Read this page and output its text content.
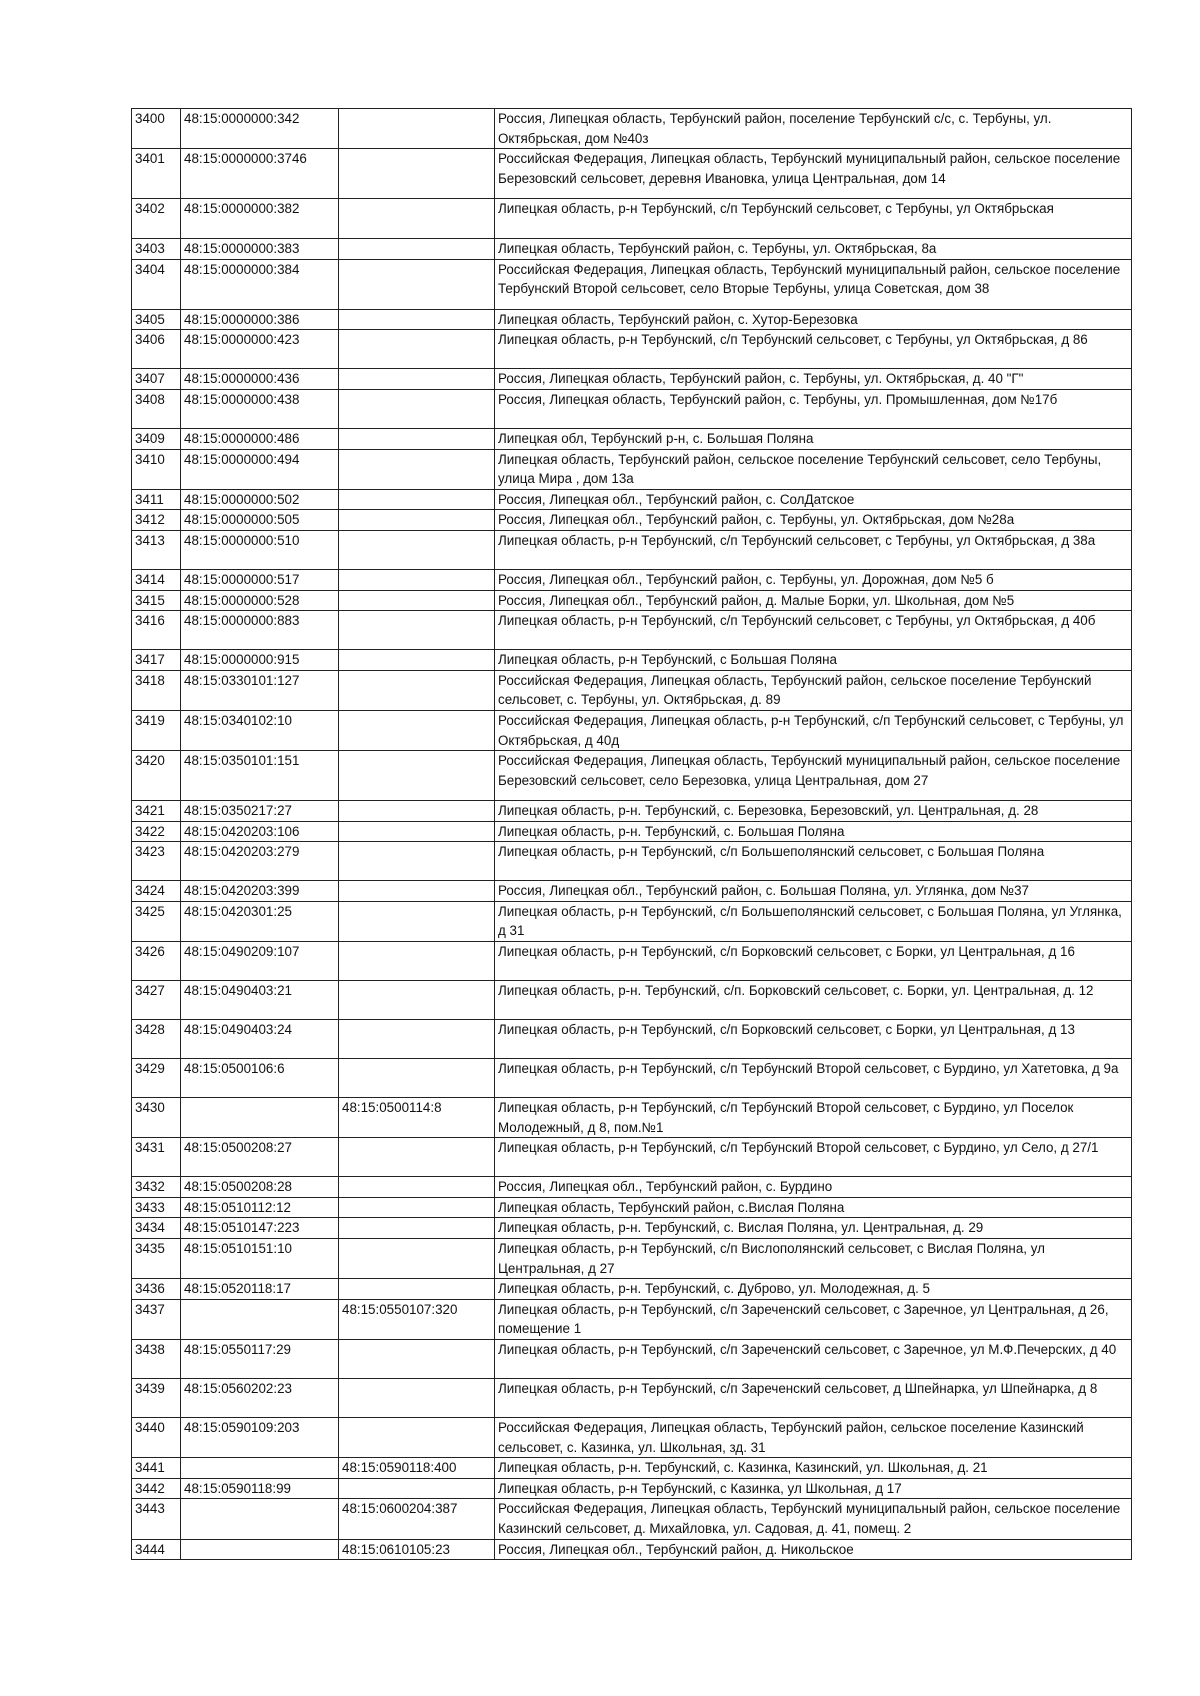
3400	48:15:0000000:342		Россия, Липецкая область, Тербунский район, поселение Тербунский с/с, с. Тербуны, ул. Октябрьская, дом №40з
3401	48:15:0000000:3746		Российская Федерация, Липецкая область, Тербунский муниципальный район, сельское поселение Березовский сельсовет, деревня Ивановка, улица Центральная, дом 14
3402	48:15:0000000:382		Липецкая область, р-н Тербунский, с/п Тербунский сельсовет, с Тербуны, ул Октябрьская
3403	48:15:0000000:383		Липецкая область, Тербунский район, с. Тербуны, ул. Октябрьская, 8а
3404	48:15:0000000:384		Российская Федерация, Липецкая область, Тербунский муниципальный район, сельское поселение Тербунский Второй сельсовет, село Вторые Тербуны, улица Советская, дом 38
3405	48:15:0000000:386		Липецкая область, Тербунский район, с. Хутор-Березовка
3406	48:15:0000000:423		Липецкая область, р-н Тербунский, с/п Тербунский сельсовет, с Тербуны, ул Октябрьская, д 86
3407	48:15:0000000:436		Россия, Липецкая область, Тербунский район, с. Тербуны, ул. Октябрьская, д. 40 "Г"
3408	48:15:0000000:438		Россия, Липецкая область, Тербунский район, с. Тербуны, ул. Промышленная, дом №17б
3409	48:15:0000000:486		Липецкая обл, Тербунский р-н, с. Большая Поляна
3410	48:15:0000000:494		Липецкая область, Тербунский район, сельское поселение Тербунский сельсовет, село Тербуны, улица Мира , дом 13а
3411	48:15:0000000:502		Россия, Липецкая обл., Тербунский район, с. СолДатское
3412	48:15:0000000:505		Россия, Липецкая обл., Тербунский район, с. Тербуны, ул. Октябрьская, дом №28а
3413	48:15:0000000:510		Липецкая область, р-н Тербунский, с/п Тербунский сельсовет, с Тербуны, ул Октябрьская, д 38а
3414	48:15:0000000:517		Россия, Липецкая обл., Тербунский район, с. Тербуны, ул. Дорожная, дом №5 б
3415	48:15:0000000:528		Россия, Липецкая обл., Тербунский район, д. Малые Борки, ул. Школьная, дом №5
3416	48:15:0000000:883		Липецкая область, р-н Тербунский, с/п Тербунский сельсовет, с Тербуны, ул Октябрьская, д 40б
3417	48:15:0000000:915		Липецкая область, р-н Тербунский, с Большая Поляна
3418	48:15:0330101:127		Российская Федерация, Липецкая область, Тербунский район, сельское поселение Тербунский сельсовет, с. Тербуны, ул. Октябрьская, д. 89
3419	48:15:0340102:10		Российская Федерация, Липецкая область, р-н Тербунский, с/п Тербунский сельсовет, с Тербуны, ул Октябрьская, д 40д
3420	48:15:0350101:151		Российская Федерация, Липецкая область, Тербунский муниципальный район, сельское поселение Березовский сельсовет, село Березовка, улица Центральная, дом 27
3421	48:15:0350217:27		Липецкая область, р-н. Тербунский, с. Березовка, Березовский, ул. Центральная, д. 28
3422	48:15:0420203:106		Липецкая область, р-н. Тербунский, с. Большая Поляна
3423	48:15:0420203:279		Липецкая область, р-н Тербунский, с/п Большеполянский сельсовет, с Большая Поляна
3424	48:15:0420203:399		Россия, Липецкая обл., Тербунский район, с. Большая Поляна, ул. Углянка, дом №37
3425	48:15:0420301:25		Липецкая область, р-н Тербунский, с/п Большеполянский сельсовет, с Большая Поляна, ул Углянка, д 31
3426	48:15:0490209:107		Липецкая область, р-н Тербунский, с/п Борковский сельсовет, с Борки, ул Центральная, д 16
3427	48:15:0490403:21		Липецкая область, р-н. Тербунский, с/п. Борковский сельсовет, с. Борки, ул. Центральная, д. 12
3428	48:15:0490403:24		Липецкая область, р-н Тербунский, с/п Борковский сельсовет, с Борки, ул Центральная, д 13
3429	48:15:0500106:6		Липецкая область, р-н Тербунский, с/п Тербунский Второй сельсовет, с Бурдино, ул Хатетовка, д 9а
3430		48:15:0500114:8	Липецкая область, р-н Тербунский, с/п Тербунский Второй сельсовет, с Бурдино, ул Поселок Молодежный, д 8, пом.№1
3431	48:15:0500208:27		Липецкая область, р-н Тербунский, с/п Тербунский Второй сельсовет, с Бурдино, ул Село, д 27/1
3432	48:15:0500208:28		Россия, Липецкая обл., Тербунский район, с. Бурдино
3433	48:15:0510112:12		Липецкая область, Тербунский район, с.Вислая Поляна
3434	48:15:0510147:223		Липецкая область, р-н. Тербунский, с. Вислая Поляна, ул. Центральная, д. 29
3435	48:15:0510151:10		Липецкая область, р-н Тербунский, с/п Вислополянский сельсовет, с Вислая Поляна, ул Центральная, д 27
3436	48:15:0520118:17		Липецкая область, р-н. Тербунский, с. Дуброво, ул. Молодежная, д. 5
3437		48:15:0550107:320	Липецкая область, р-н Тербунский, с/п Зареченский сельсовет, с Заречное, ул Центральная, д 26, помещение 1
3438	48:15:0550117:29		Липецкая область, р-н Тербунский, с/п Зареченский сельсовет, с Заречное, ул М.Ф.Печерских, д 40
3439	48:15:0560202:23		Липецкая область, р-н Тербунский, с/п Зареченский сельсовет, д Шпейнарка, ул Шпейнарка, д 8
3440	48:15:0590109:203		Российская Федерация, Липецкая область, Тербунский район, сельское поселение Казинский сельсовет, с. Казинка, ул. Школьная, зд. 31
3441		48:15:0590118:400	Липецкая область, р-н. Тербунский, с. Казинка, Казинский, ул. Школьная, д. 21
3442	48:15:0590118:99		Липецкая область, р-н Тербунский, с Казинка, ул Школьная, д 17
3443		48:15:0600204:387	Российская Федерация, Липецкая область, Тербунский муниципальный район, сельское поселение Казинский сельсовет, д. Михайловка, ул. Садовая, д. 41, помещ. 2
3444		48:15:0610105:23	Россия, Липецкая обл., Тербунский район, д. Никольское
